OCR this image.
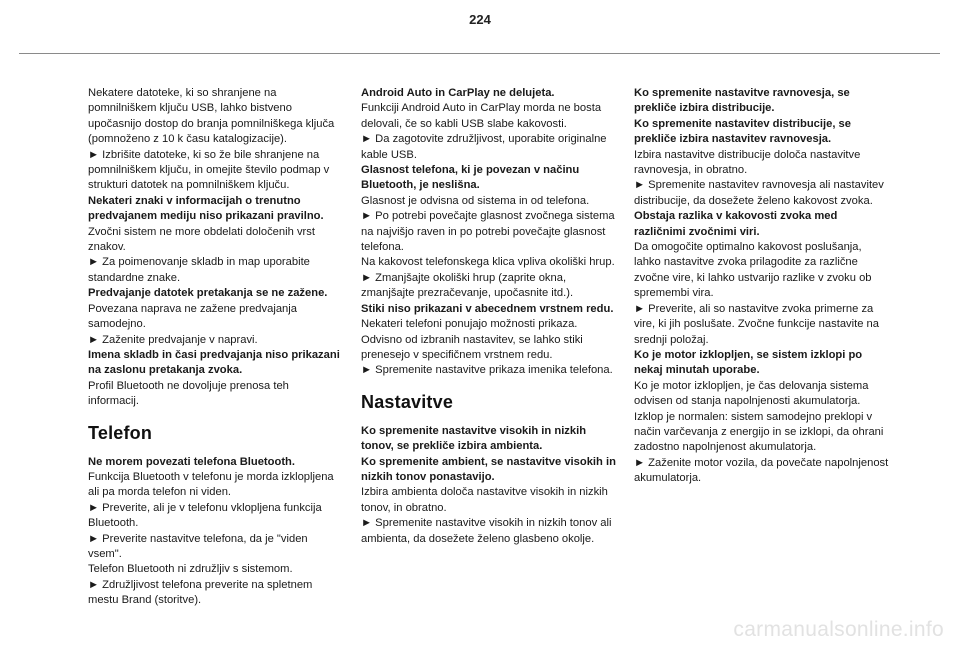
224

Nekatere datoteke, ki so shranjene na pomnilniškem ključu USB, lahko bistveno upočasnijo dostop do branja pomnilniškega ključa (pomnoženo z 10 k času katalogizacije).

► Izbrišite datoteke, ki so že bile shranjene na pomnilniškem ključu, in omejite število podmap v strukturi datotek na pomnilniškem ključu.

Nekateri znaki v informacijah o trenutno predvajanem mediju niso prikazani pravilno.

Zvočni sistem ne more obdelati določenih vrst znakov.

► Za poimenovanje skladb in map uporabite standardne znake.

Predvajanje datotek pretakanja se ne zažene.

Povezana naprava ne zažene predvajanja samodejno.

► Zaženite predvajanje v napravi.

Imena skladb in časi predvajanja niso prikazani na zaslonu pretakanja zvoka.

Profil Bluetooth ne dovoljuje prenosa teh informacij.

Telefon

Ne morem povezati telefona Bluetooth.

Funkcija Bluetooth v telefonu je morda izklopljena ali pa morda telefon ni viden.

► Preverite, ali je v telefonu vklopljena funkcija Bluetooth.

► Preverite nastavitve telefona, da je "viden vsem".

Telefon Bluetooth ni združljiv s sistemom.

► Združljivost telefona preverite na spletnem mestu Brand (storitve).

Android Auto in CarPlay ne delujeta.

Funkciji Android Auto in CarPlay morda ne bosta delovali, če so kabli USB slabe kakovosti.

► Da zagotovite združljivost, uporabite originalne kable USB.

Glasnost telefona, ki je povezan v načinu Bluetooth, je neslišna.

Glasnost je odvisna od sistema in od telefona.

► Po potrebi povečajte glasnost zvočnega sistema na najvišjo raven in po potrebi povečajte glasnost telefona.

Na kakovost telefonskega klica vpliva okoliški hrup.

► Zmanjšajte okoliški hrup (zaprite okna, zmanjšajte prezračevanje, upočasnite itd.).

Stiki niso prikazani v abecednem vrstnem redu.

Nekateri telefoni ponujajo možnosti prikaza. Odvisno od izbranih nastavitev, se lahko stiki prenesejo v specifičnem vrstnem redu.

► Spremenite nastavitve prikaza imenika telefona.

Nastavitve

Ko spremenite nastavitve visokih in nizkih tonov, se prekliče izbira ambienta.

Ko spremenite ambient, se nastavitve visokih in nizkih tonov ponastavijo.

Izbira ambienta določa nastavitve visokih in nizkih tonov, in obratno.

► Spremenite nastavitve visokih in nizkih tonov ali ambienta, da dosežete želeno glasbeno okolje.

Ko spremenite nastavitve ravnovesja, se prekliče izbira distribucije.

Ko spremenite nastavitev distribucije, se prekliče izbira nastavitev ravnovesja.

Izbira nastavitve distribucije določa nastavitve ravnovesja, in obratno.

► Spremenite nastavitev ravnovesja ali nastavitev distribucije, da dosežete želeno kakovost zvoka.

Obstaja razlika v kakovosti zvoka med različnimi zvočnimi viri.

Da omogočite optimalno kakovost poslušanja, lahko nastavitve zvoka prilagodite za različne zvočne vire, ki lahko ustvarijo razlike v zvoku ob spremembi vira.

► Preverite, ali so nastavitve zvoka primerne za vire, ki jih poslušate. Zvočne funkcije nastavite na srednji položaj.

Ko je motor izklopljen, se sistem izklopi po nekaj minutah uporabe.

Ko je motor izklopljen, je čas delovanja sistema odvisen od stanja napolnjenosti akumulatorja.

Izklop je normalen: sistem samodejno preklopi v način varčevanja z energijo in se izklopi, da ohrani zadostno napolnjenost akumulatorja.

► Zaženite motor vozila, da povečate napolnjenost akumulatorja.

carmanualsonline.info
